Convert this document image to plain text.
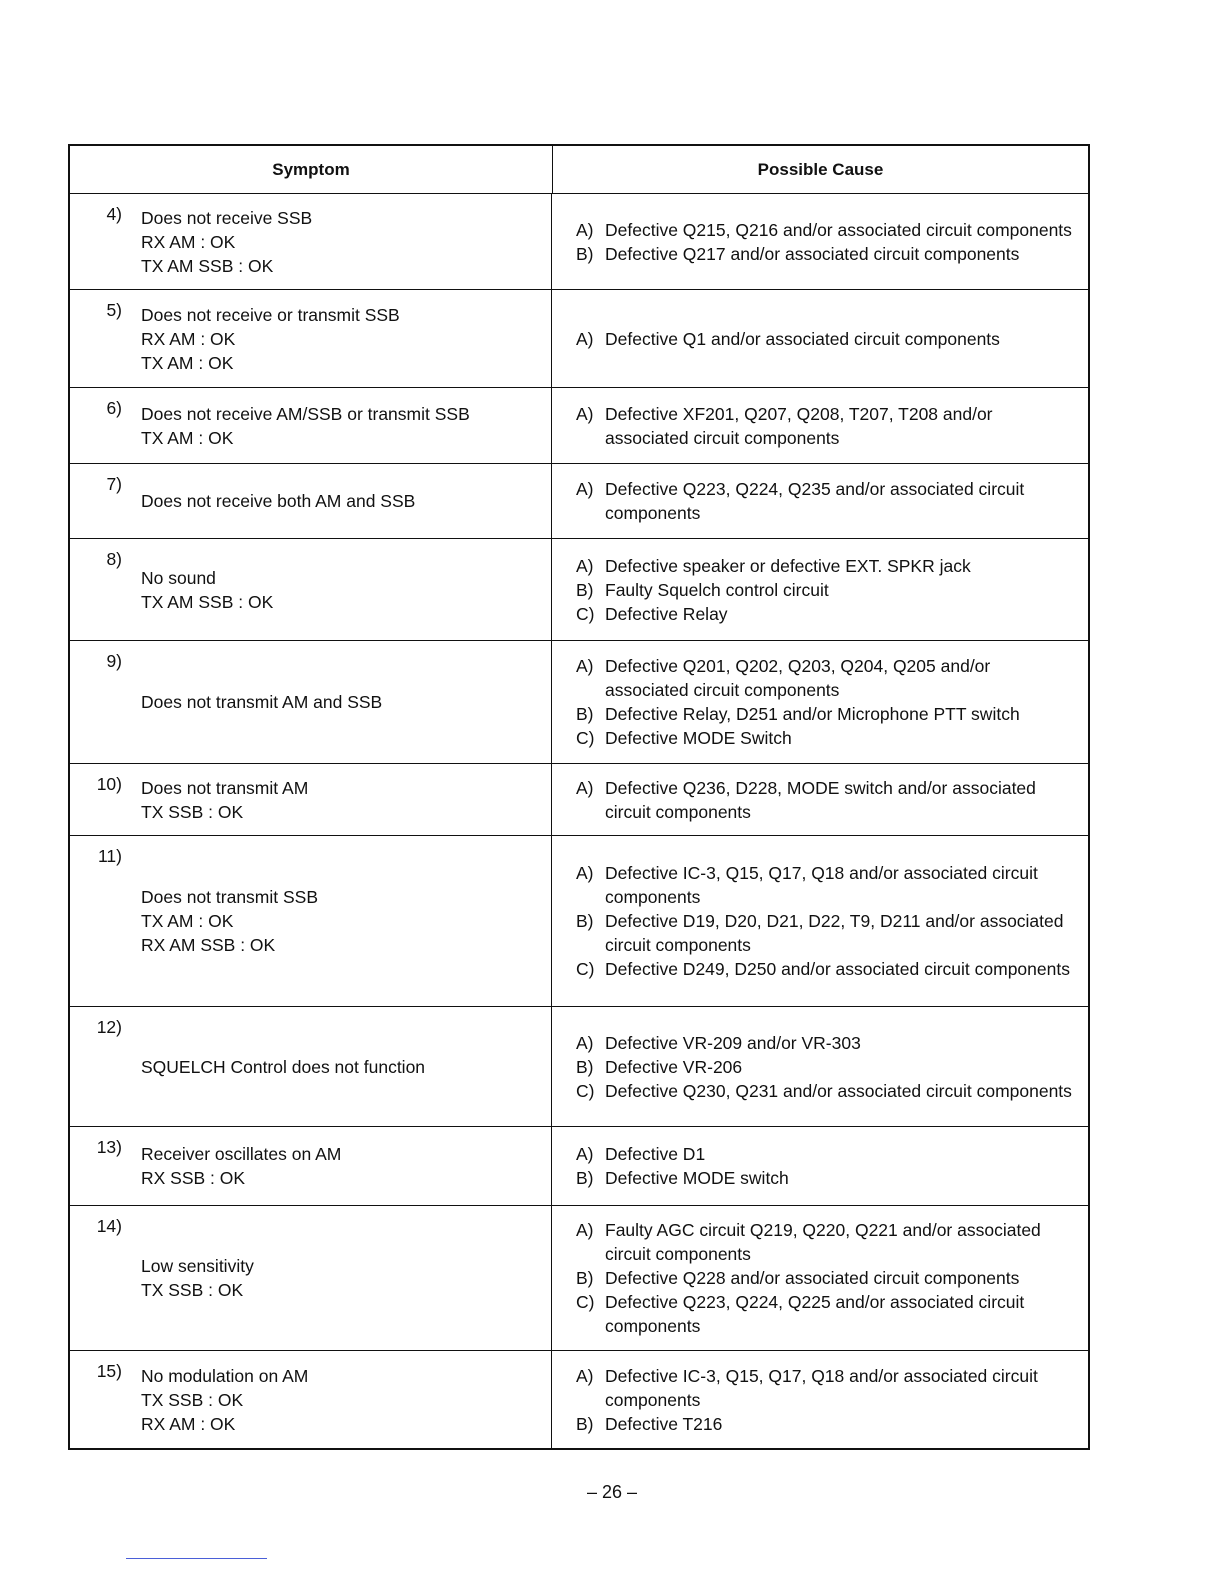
Symptom	Possible Cause
4) Does not receive SSB
RX AM : OK
TX AM SSB : OK
A) Defective Q215, Q216 and/or associated circuit components
B) Defective Q217 and/or associated circuit components
5) Does not receive or transmit SSB
RX AM : OK
TX AM : OK
A) Defective Q1 and/or associated circuit components
6) Does not receive AM/SSB or transmit SSB
TX AM : OK
A) Defective XF201, Q207, Q208, T207, T208 and/or associated circuit components
7)
Does not receive both AM and SSB
A) Defective Q223, Q224, Q235 and/or associated circuit components
8)
No sound
TX AM SSB : OK
A) Defective speaker or defective EXT. SPKR jack
B) Faulty Squelch control circuit
C) Defective Relay
9)
Does not transmit AM and SSB
A) Defective Q201, Q202, Q203, Q204, Q205 and/or associated circuit components
B) Defective Relay, D251 and/or Microphone PTT switch
C) Defective MODE Switch
10) Does not transmit AM
TX SSB : OK
A) Defective Q236, D228, MODE switch and/or associated circuit components
11)
Does not transmit SSB
TX AM : OK
RX AM SSB : OK
A) Defective IC-3, Q15, Q17, Q18 and/or associated circuit components
B) Defective D19, D20, D21, D22, T9, D211 and/or associated circuit components
C) Defective D249, D250 and/or associated circuit components
12)
SQUELCH Control does not function
A) Defective VR-209 and/or VR-303
B) Defective VR-206
C) Defective Q230, Q231 and/or associated circuit components
13) Receiver oscillates on AM
RX SSB : OK
A) Defective D1
B) Defective MODE switch
14)
Low sensitivity
TX SSB : OK
A) Faulty AGC circuit Q219, Q220, Q221 and/or associated circuit components
B) Defective Q228 and/or associated circuit components
C) Defective Q223, Q224, Q225 and/or associated circuit components
15) No modulation on AM
TX SSB : OK
RX AM : OK
A) Defective IC-3, Q15, Q17, Q18 and/or associated circuit components
B) Defective T216
– 26 –
